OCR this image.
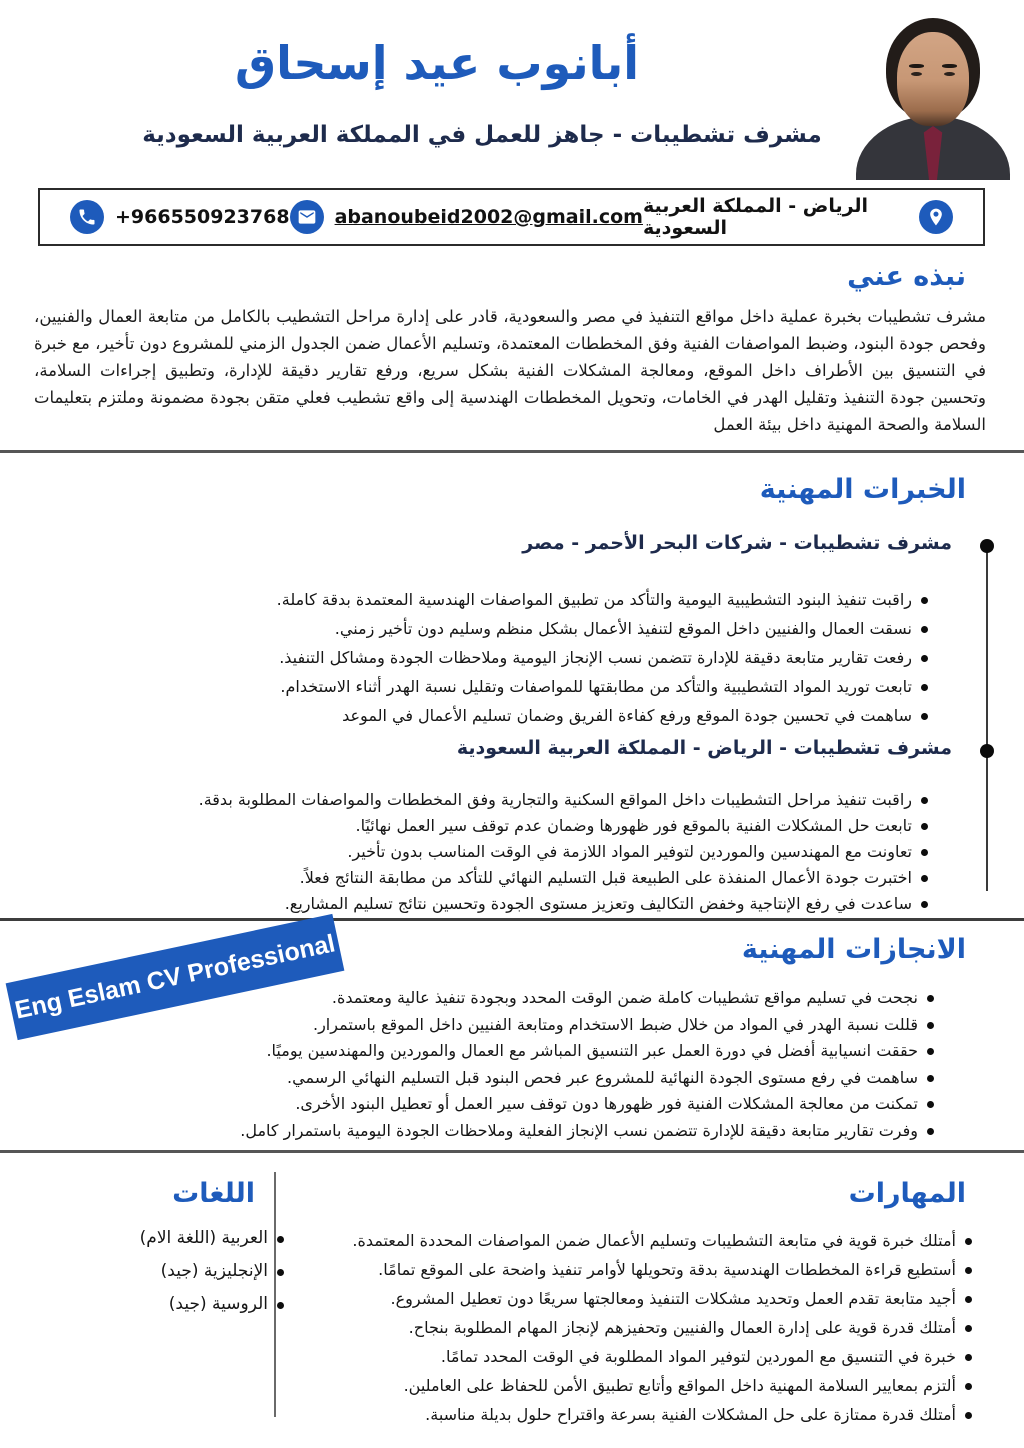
أبانوب عيد إسحاق
مشرف تشطيبات - جاهز للعمل في المملكة العربية السعودية
+966550923768 abanoubeid2002@gmail.com الرياض - المملكة العربية السعودية
نبذه عني

مشرف تشطيبات بخبرة عملية داخل مواقع التنفيذ في مصر والسعودية، قادر على إدارة مراحل التشطيب بالكامل من متابعة العمال والفنيين، وفحص جودة البنود، وضبط المواصفات الفنية وفق المخططات المعتمدة، وتسليم الأعمال ضمن الجدول الزمني للمشروع دون تأخير، مع خبرة في التنسيق بين الأطراف داخل الموقع، ومعالجة المشكلات الفنية بشكل سريع، ورفع تقارير دقيقة للإدارة، وتطبيق إجراءات السلامة، وتحسين جودة التنفيذ وتقليل الهدر في الخامات، وتحويل المخططات الهندسية إلى واقع تشطيب فعلي متقن بجودة مضمونة وملتزم بتعليمات السلامة والصحة المهنية داخل بيئة العمل

الخبرات المهنية
مشرف تشطيبات - شركات البحر الأحمر - مصر
راقبت تنفيذ البنود التشطيبية اليومية والتأكد من تطبيق المواصفات الهندسية المعتمدة بدقة كاملة.
نسقت العمال والفنيين داخل الموقع لتنفيذ الأعمال بشكل منظم وسليم دون تأخير زمني.
رفعت تقارير متابعة دقيقة للإدارة تتضمن نسب الإنجاز اليومية وملاحظات الجودة ومشاكل التنفيذ.
تابعت توريد المواد التشطيبية والتأكد من مطابقتها للمواصفات وتقليل نسبة الهدر أثناء الاستخدام.
ساهمت في تحسين جودة الموقع ورفع كفاءة الفريق وضمان تسليم الأعمال في الموعد
مشرف تشطيبات - الرياض - المملكة العربية السعودية
راقبت تنفيذ مراحل التشطيبات داخل المواقع السكنية والتجارية وفق المخططات والمواصفات المطلوبة بدقة.
تابعت حل المشكلات الفنية بالموقع فور ظهورها وضمان عدم توقف سير العمل نهائيًا.
تعاونت مع المهندسين والموردين لتوفير المواد اللازمة في الوقت المناسب بدون تأخير.
اختبرت جودة الأعمال المنفذة على الطبيعة قبل التسليم النهائي للتأكد من مطابقة النتائج فعلاً.
ساعدت في رفع الإنتاجية وخفض التكاليف وتعزيز مستوى الجودة وتحسين نتائج تسليم المشاريع.
Eng Eslam CV Professional	الانجازات المهنية
نجحت في تسليم مواقع تشطيبات كاملة ضمن الوقت المحدد وبجودة تنفيذ عالية ومعتمدة.
قللت نسبة الهدر في المواد من خلال ضبط الاستخدام ومتابعة الفنيين داخل الموقع باستمرار.
حققت انسيابية أفضل في دورة العمل عبر التنسيق المباشر مع العمال والموردين والمهندسين يوميًا.
ساهمت في رفع مستوى الجودة النهائية للمشروع عبر فحص البنود قبل التسليم النهائي الرسمي.
تمكنت من معالجة المشكلات الفنية فور ظهورها دون توقف سير العمل أو تعطيل البنود الأخرى.
وفرت تقارير متابعة دقيقة للإدارة تتضمن نسب الإنجاز الفعلية وملاحظات الجودة اليومية باستمرار كامل.
المهارات
أمتلك خبرة قوية في متابعة التشطيبات وتسليم الأعمال ضمن المواصفات المحددة المعتمدة.
أستطيع قراءة المخططات الهندسية بدقة وتحويلها لأوامر تنفيذ واضحة على الموقع تمامًا.
أجيد متابعة تقدم العمل وتحديد مشكلات التنفيذ ومعالجتها سريعًا دون تعطيل المشروع.
أمتلك قدرة قوية على إدارة العمال والفنيين وتحفيزهم لإنجاز المهام المطلوبة بنجاح.
خبرة في التنسيق مع الموردين لتوفير المواد المطلوبة في الوقت المحدد تمامًا.
ألتزم بمعايير السلامة المهنية داخل المواقع وأتابع تطبيق الأمن للحفاظ على العاملين.
أمتلك قدرة ممتازة على حل المشكلات الفنية بسرعة واقتراح حلول بديلة مناسبة.
اللغات
العربية (اللغة الام)
الإنجليزية (جيد)
الروسية (جيد)
